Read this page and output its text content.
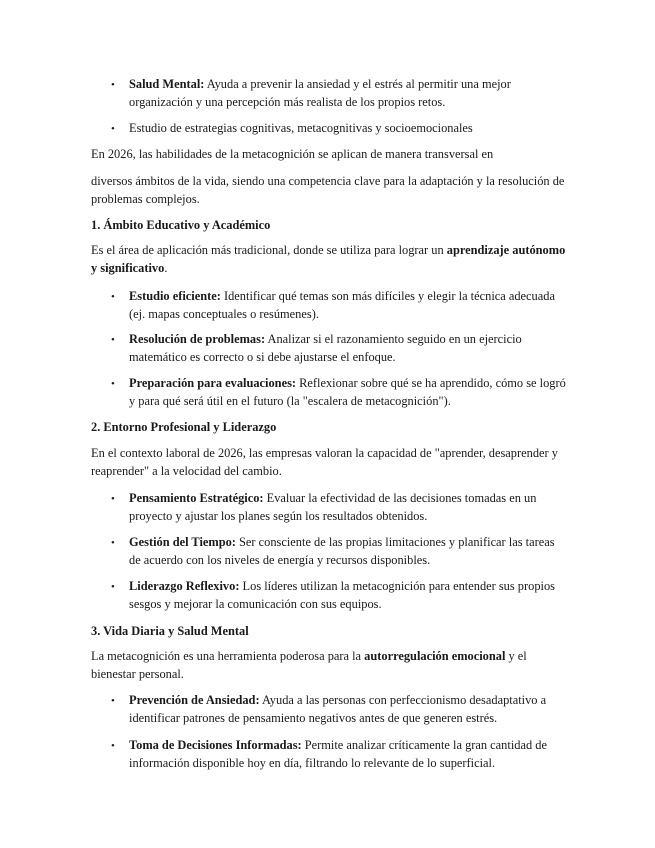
• Salud Mental: Ayuda a prevenir la ansiedad y el estrés al permitir una mejor organización y una percepción más realista de los propios retos.

• Estudio de estrategias cognitivas, metacognitivas y socioemocionales

En 2026, las habilidades de la metacognición se aplican de manera transversal en

diversos ámbitos de la vida, siendo una competencia clave para la adaptación y la resolución de problemas complejos.

1. Ámbito Educativo y Académico

Es el área de aplicación más tradicional, donde se utiliza para lograr un aprendizaje autónomo y significativo.

• Estudio eficiente: Identificar qué temas son más difíciles y elegir la técnica adecuada (ej. mapas conceptuales o resúmenes).

• Resolución de problemas: Analizar si el razonamiento seguido en un ejercicio matemático es correcto o si debe ajustarse el enfoque.

• Preparación para evaluaciones: Reflexionar sobre qué se ha aprendido, cómo se logró y para qué será útil en el futuro (la "escalera de metacognición").

2. Entorno Profesional y Liderazgo

En el contexto laboral de 2026, las empresas valoran la capacidad de "aprender, desaprender y reaprender" a la velocidad del cambio.

• Pensamiento Estratégico: Evaluar la efectividad de las decisiones tomadas en un proyecto y ajustar los planes según los resultados obtenidos.

• Gestión del Tiempo: Ser consciente de las propias limitaciones y planificar las tareas de acuerdo con los niveles de energía y recursos disponibles.

• Liderazgo Reflexivo: Los líderes utilizan la metacognición para entender sus propios sesgos y mejorar la comunicación con sus equipos.

3. Vida Diaria y Salud Mental

La metacognición es una herramienta poderosa para la autorregulación emocional y el bienestar personal.

• Prevención de Ansiedad: Ayuda a las personas con perfeccionismo desadaptativo a identificar patrones de pensamiento negativos antes de que generen estrés.

• Toma de Decisiones Informadas: Permite analizar críticamente la gran cantidad de información disponible hoy en día, filtrando lo relevante de lo superficial.
